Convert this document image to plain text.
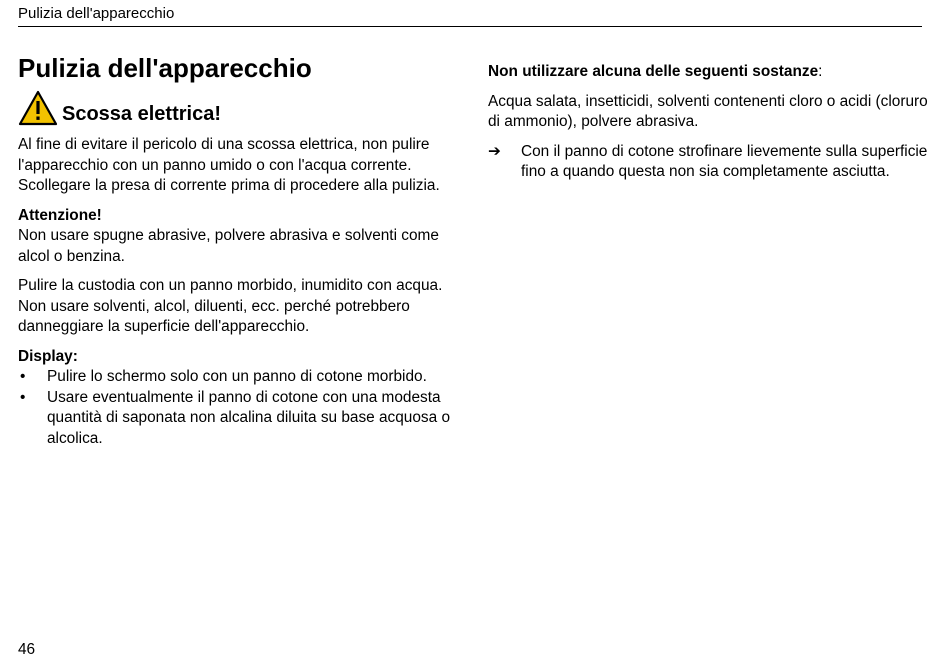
Pulizia dell'apparecchio
Pulizia dell'apparecchio
Scossa elettrica!

Al fine di evitare il pericolo di una scossa elettrica, non pulire l'apparecchio con un panno umido o con l'acqua corrente. Scollegare la presa di corrente prima di procedere alla pulizia.

Attenzione!
Non usare spugne abrasive, polvere abrasiva e solventi come alcol o benzina.

Pulire la custodia con un panno morbido, inumidito con acqua. Non usare solventi, alcol, diluenti, ecc. perché potrebbero danneggiare la superficie dell'apparecchio.

Display:

• Pulire lo schermo solo con un panno di cotone morbido.
• Usare eventualmente il panno di cotone con una modesta quantità di saponata non alcalina diluita su base acquosa o alcolica.

Non utilizzare alcuna delle seguenti sostanze:

Acqua salata, insetticidi, solventi contenenti cloro o acidi (cloruro di ammonio), polvere abrasiva.

➔ Con il panno di cotone strofinare lievemente sulla superficie fino a quando questa non sia completamente asciutta.
46
